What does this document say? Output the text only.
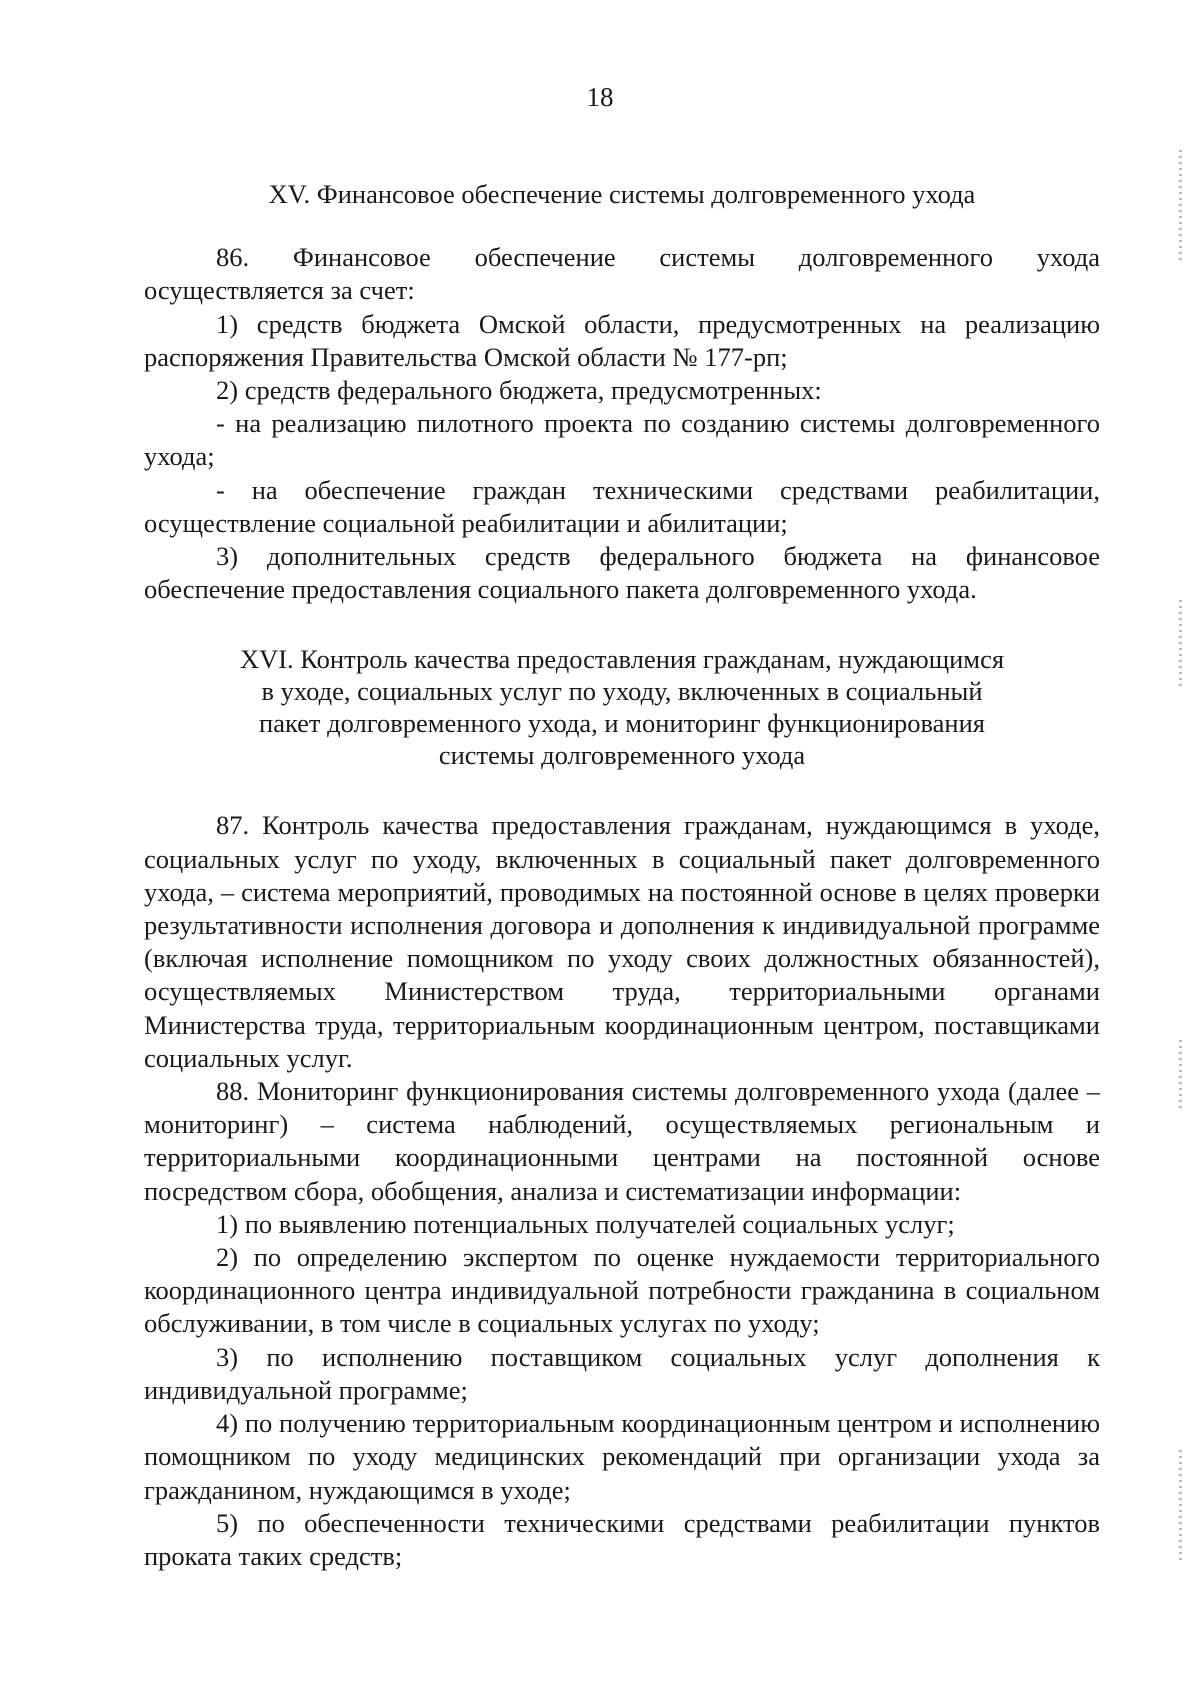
18
XV. Финансовое обеспечение системы долговременного ухода

86. Финансовое обеспечение системы долговременного ухода осуществляется за счет:

1) средств бюджета Омской области, предусмотренных на реализацию распоряжения Правительства Омской области № 177-рп;

2) средств федерального бюджета, предусмотренных:

- на реализацию пилотного проекта по созданию системы долговременного ухода;

- на обеспечение граждан техническими средствами реабилитации, осуществление социальной реабилитации и абилитации;

3) дополнительных средств федерального бюджета на финансовое обеспечение предоставления социального пакета долговременного ухода.

XVI. Контроль качества предоставления гражданам, нуждающимся
в уходе, социальных услуг по уходу, включенных в социальный
пакет долговременного ухода, и мониторинг функционирования
системы долговременного ухода

87. Контроль качества предоставления гражданам, нуждающимся в уходе, социальных услуг по уходу, включенных в социальный пакет долговременного ухода, – система мероприятий, проводимых на постоянной основе в целях проверки результативности исполнения договора и дополнения к индивидуальной программе (включая исполнение помощником по уходу своих должностных обязанностей), осуществляемых Министерством труда, территориальными органами Министерства труда, территориальным координационным центром, поставщиками социальных услуг.

88. Мониторинг функционирования системы долговременного ухода (далее – мониторинг) – система наблюдений, осуществляемых региональным и территориальными координационными центрами на постоянной основе посредством сбора, обобщения, анализа и систематизации информации:

1) по выявлению потенциальных получателей социальных услуг;

2) по определению экспертом по оценке нуждаемости территориального координационного центра индивидуальной потребности гражданина в социальном обслуживании, в том числе в социальных услугах по уходу;

3) по исполнению поставщиком социальных услуг дополнения к индивидуальной программе;

4) по получению территориальным координационным центром и исполнению помощником по уходу медицинских рекомендаций при организации ухода за гражданином, нуждающимся в уходе;

5) по обеспеченности техническими средствами реабилитации пунктов проката таких средств;
